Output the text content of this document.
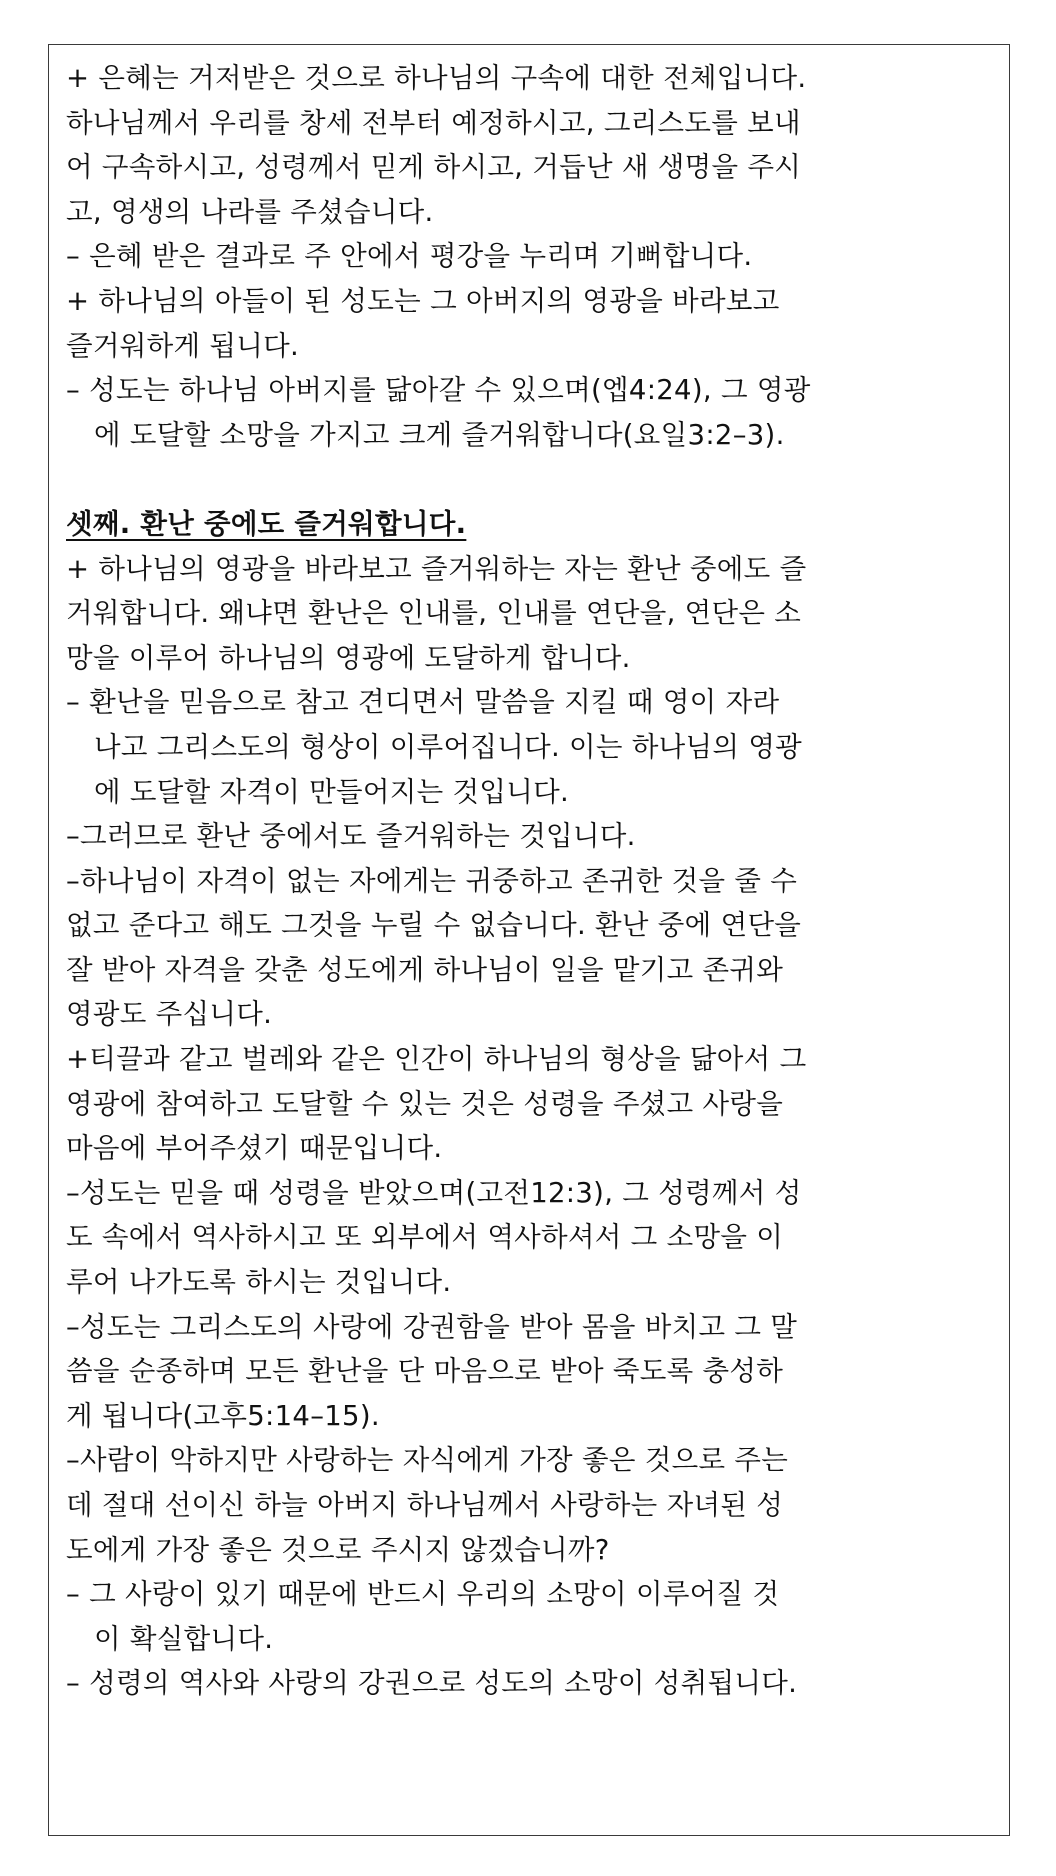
+ 은혜는 거저받은 것으로 하나님의 구속에 대한 전체입니다.
하나님께서 우리를 창세 전부터 예정하시고, 그리스도를 보내
어 구속하시고, 성령께서 믿게 하시고, 거듭난 새 생명을 주시
고, 영생의 나라를 주셨습니다.
– 은혜 받은 결과로 주 안에서 평강을 누리며 기뻐합니다.
+ 하나님의 아들이 된 성도는 그 아버지의 영광을 바라보고
즐거워하게 됩니다.
– 성도는 하나님 아버지를 닮아갈 수 있으며(엡4:24), 그 영광
에 도달할 소망을 가지고 크게 즐거워합니다(요일3:2–3).
셋째. 환난 중에도 즐거워합니다.
+ 하나님의 영광을 바라보고 즐거워하는 자는 환난 중에도 즐
거워합니다. 왜냐면 환난은 인내를, 인내를 연단을, 연단은 소
망을 이루어 하나님의 영광에 도달하게 합니다.
– 환난을 믿음으로 참고 견디면서 말씀을 지킬 때 영이 자라
나고 그리스도의 형상이 이루어집니다. 이는 하나님의 영광
에 도달할 자격이 만들어지는 것입니다.
–그러므로 환난 중에서도 즐거워하는 것입니다.
–하나님이 자격이 없는 자에게는 귀중하고 존귀한 것을 줄 수
없고 준다고 해도 그것을 누릴 수 없습니다. 환난 중에 연단을
잘 받아 자격을 갖춘 성도에게 하나님이 일을 맡기고 존귀와
영광도 주십니다.
+티끌과 같고 벌레와 같은 인간이 하나님의 형상을 닮아서 그
영광에 참여하고 도달할 수 있는 것은 성령을 주셨고 사랑을
마음에 부어주셨기 때문입니다.
–성도는 믿을 때 성령을 받았으며(고전12:3), 그 성령께서 성
도 속에서 역사하시고 또 외부에서 역사하셔서 그 소망을 이
루어 나가도록 하시는 것입니다.
–성도는 그리스도의 사랑에 강권함을 받아 몸을 바치고 그 말
씀을 순종하며 모든 환난을 단 마음으로 받아 죽도록 충성하
게 됩니다(고후5:14–15).
–사람이 악하지만 사랑하는 자식에게 가장 좋은 것으로 주는
데 절대 선이신 하늘 아버지 하나님께서 사랑하는 자녀된 성
도에게 가장 좋은 것으로 주시지 않겠습니까?
– 그 사랑이 있기 때문에 반드시 우리의 소망이 이루어질 것
이 확실합니다.
– 성령의 역사와 사랑의 강권으로 성도의 소망이 성취됩니다.
